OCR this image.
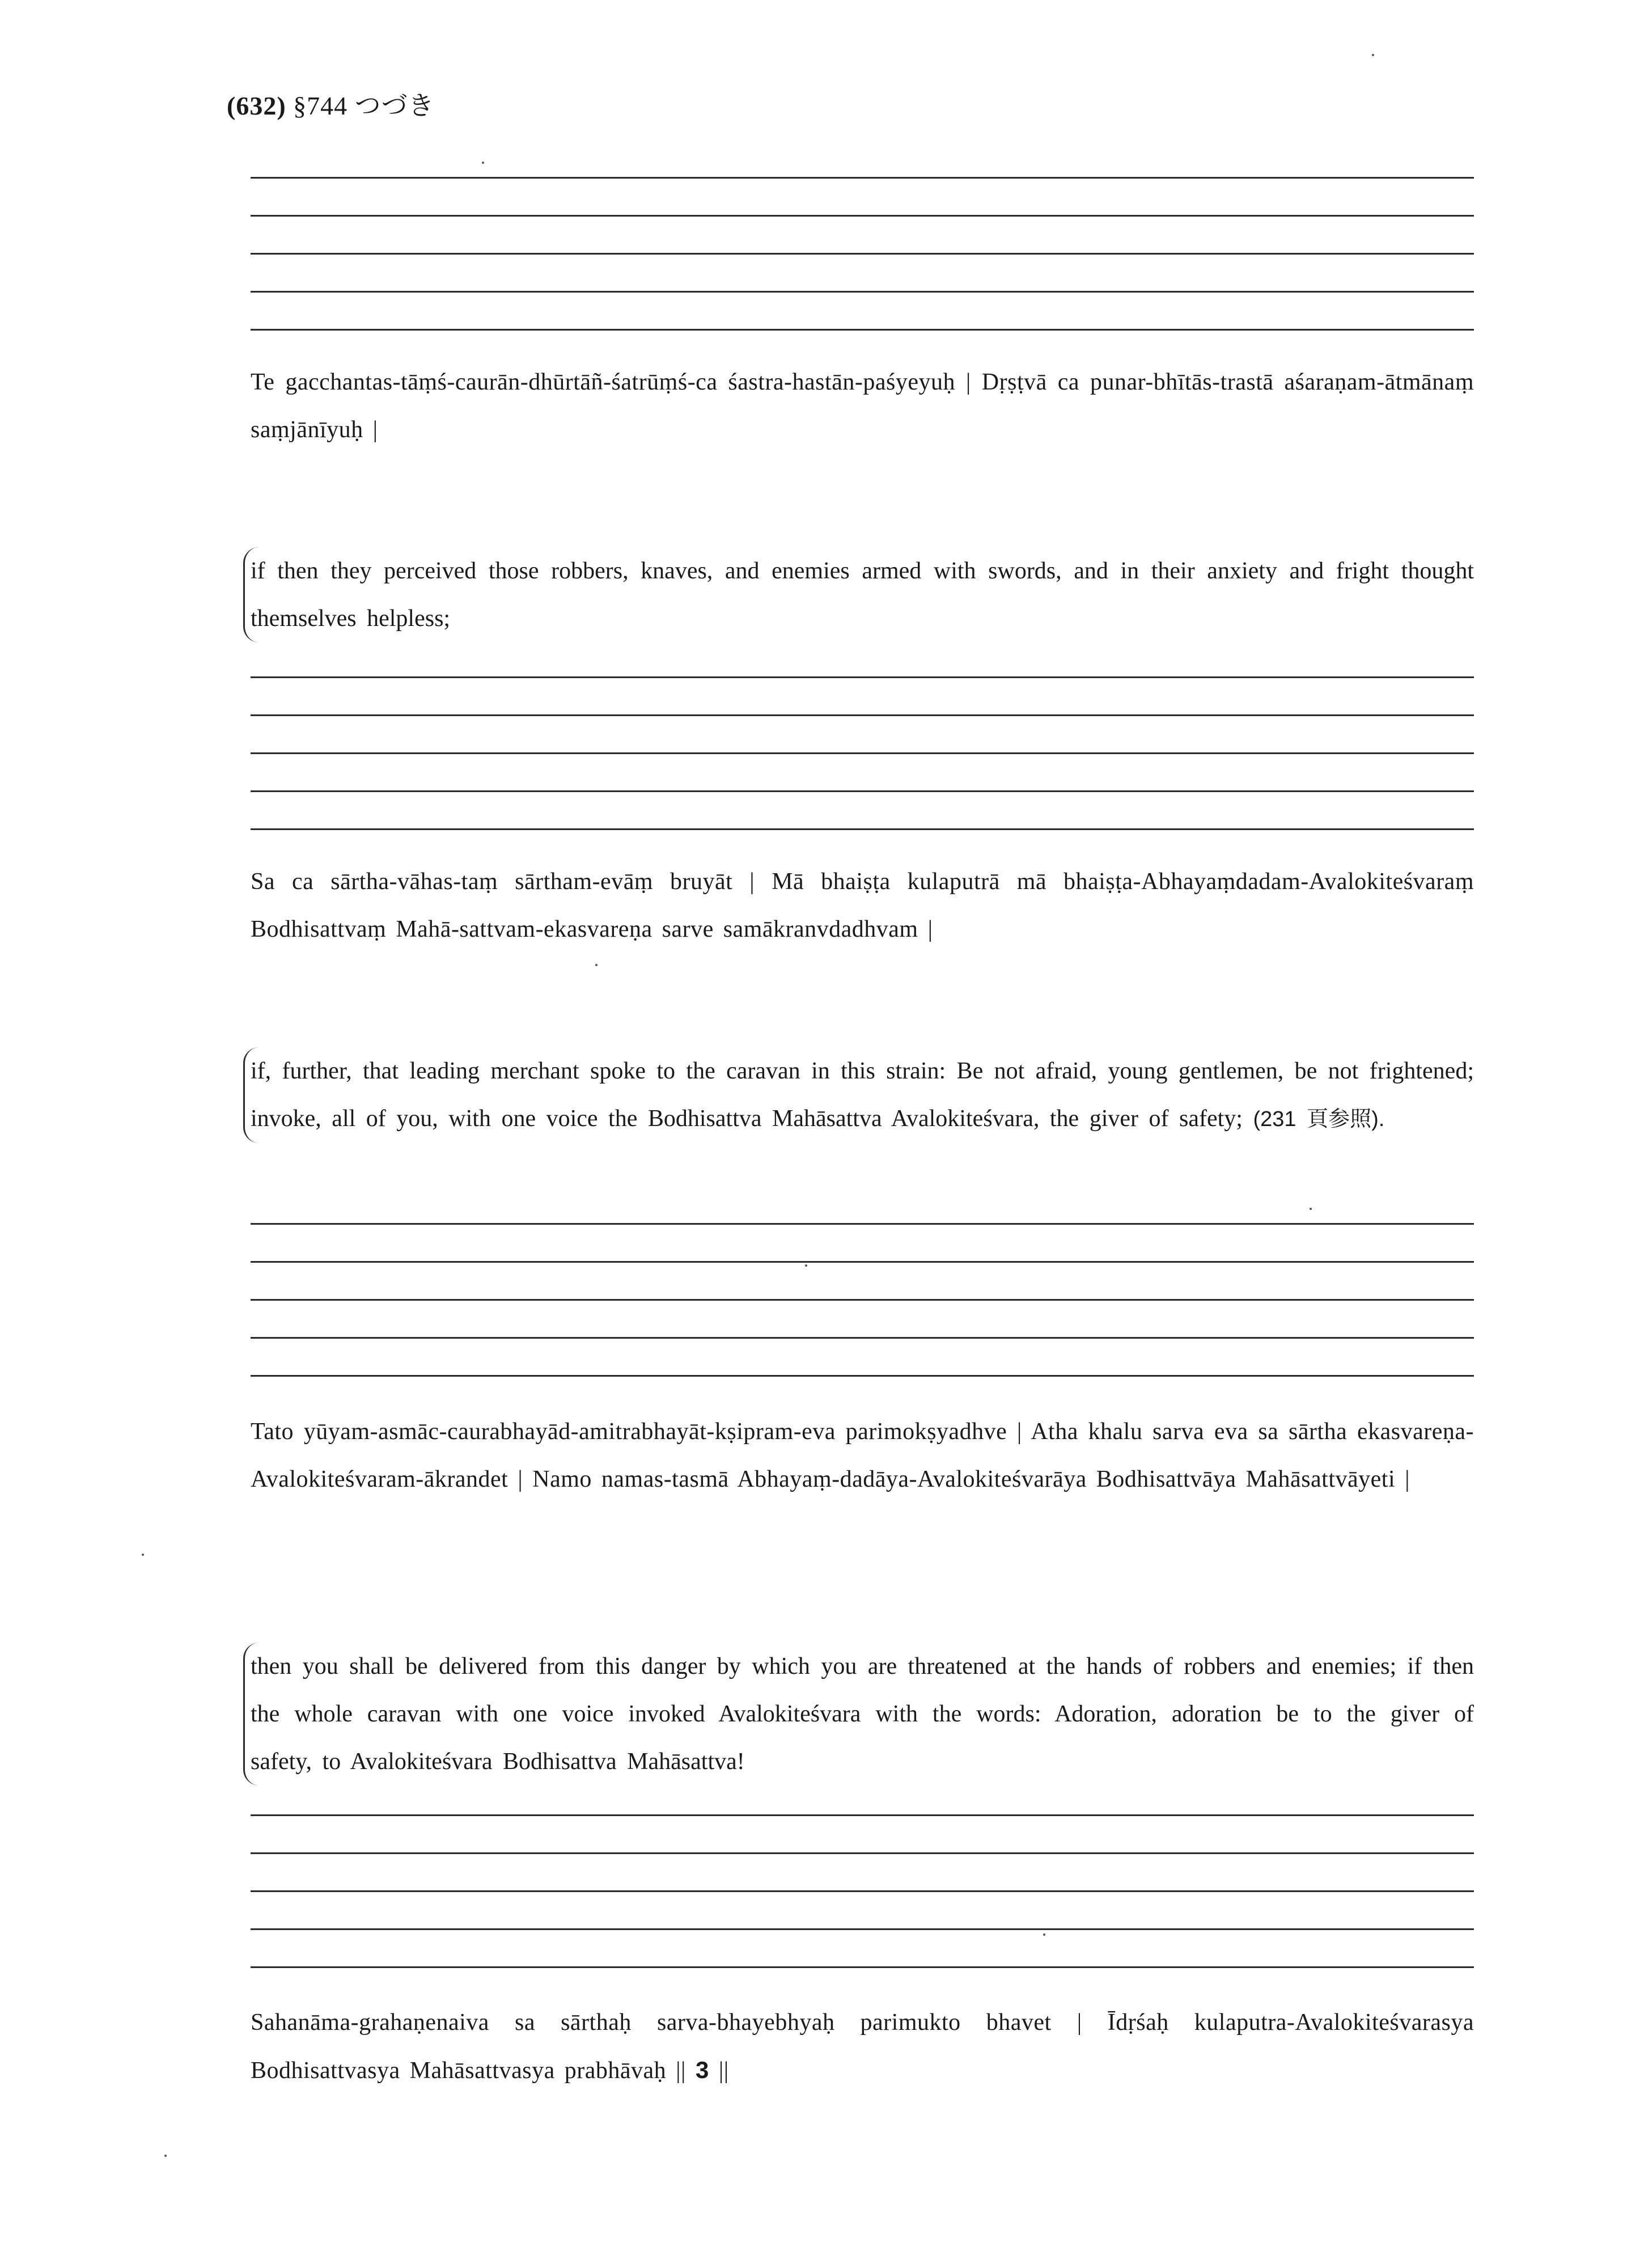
(632) §744 つづき
Te gacchantas-tāṃś-caurān-dhūrtāñ-śatrūṃś-ca śastra-hastān-paśyeyuḥ | Dṛṣṭvā ca punar-bhītās-trastā aśaraṇam-ātmānaṃ saṃjānīyuḥ |
if then they perceived those robbers, knaves, and enemies armed with swords, and in their anxiety and fright thought themselves helpless;
Sa ca sārtha-vāhas-taṃ sārtham-evāṃ bruyāt | Mā bhaiṣṭa kulaputrā mā bhaiṣṭa-Abhayaṃdadam-Avalokiteśvaraṃ Bodhisattvaṃ Mahā-sattvam-ekasvareṇa sarve samākranvdadhvam |
if, further, that leading merchant spoke to the caravan in this strain: Be not afraid, young gentlemen, be not frightened; invoke, all of you, with one voice the Bodhisattva Mahāsattva Avalokiteśvara, the giver of safety; (231 頁参照).
Tato yūyam-asmāc-caurabhayād-amitrabhayāt-kṣipram-eva parimokṣyadhve | Atha khalu sarva eva sa sārtha ekasvareṇa-Avalokiteśvaram-ākrandet | Namo namas-tasmā Abhayaṃ-dadāya-Avalokiteśvarāya Bodhisattvāya Mahāsattvāyeti |
then you shall be delivered from this danger by which you are threatened at the hands of robbers and enemies; if then the whole caravan with one voice invoked Avalokiteśvara with the words: Adoration, adoration be to the giver of safety, to Avalokiteśvara Bodhisattva Mahāsattva!
Sahanāma-grahaṇenaiva sa sārthaḥ sarva-bhayebhyaḥ parimukto bhavet | Īdṛśaḥ kulaputra-Avalokiteśvarasya Bodhisattvasya Mahāsattvasya prabhāvaḥ || 3 ||
